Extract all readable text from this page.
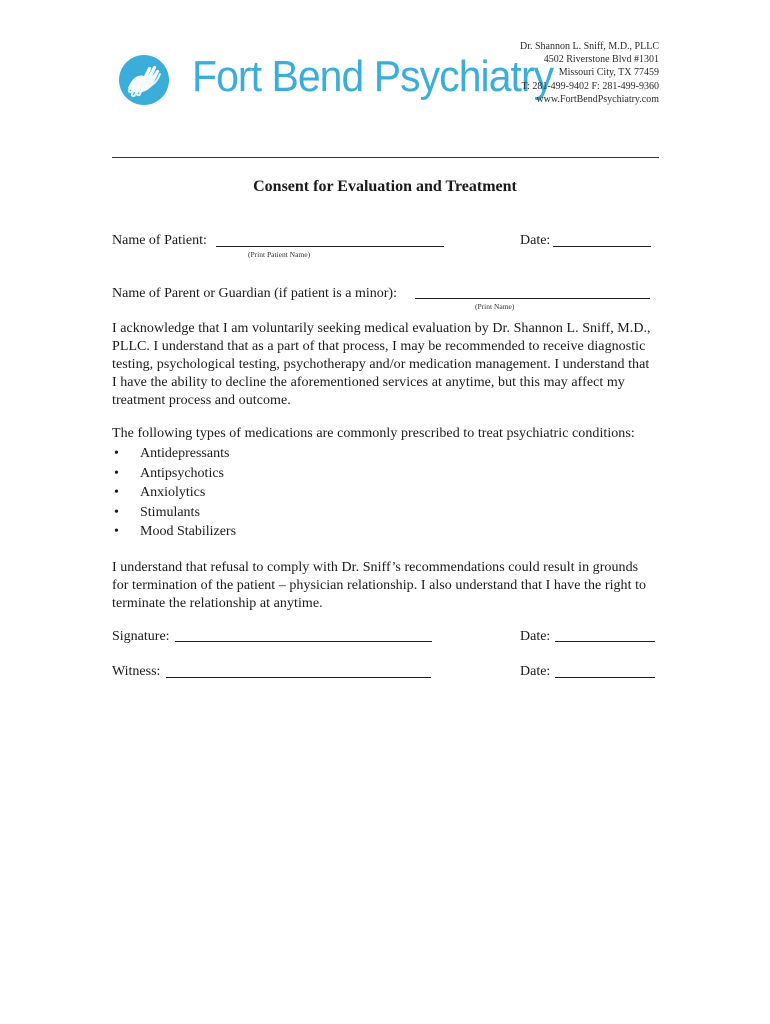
Fort Bend Psychiatry
Dr. Shannon L. Sniff, M.D., PLLC
4502 Riverstone Blvd #1301
Missouri City, TX 77459
T: 281-499-9402 F: 281-499-9360
www.FortBendPsychiatry.com
Consent for Evaluation and Treatment
Name of Patient:
(Print Patient Name)
Date:
Name of Parent or Guardian (if patient is a minor):
(Print Name)
I acknowledge that I am voluntarily seeking medical evaluation by Dr. Shannon L. Sniff, M.D., PLLC. I understand that as a part of that process, I may be recommended to receive diagnostic testing, psychological testing, psychotherapy and/or medication management. I understand that I have the ability to decline the aforementioned services at anytime, but this may affect my treatment process and outcome.
The following types of medications are commonly prescribed to treat psychiatric conditions:
• Antidepressants
• Antipsychotics
• Anxiolytics
• Stimulants
• Mood Stabilizers
I understand that refusal to comply with Dr. Sniff’s recommendations could result in grounds for termination of the patient – physician relationship. I also understand that I have the right to terminate the relationship at anytime.
Signature:	Date:
Witness:	Date:
